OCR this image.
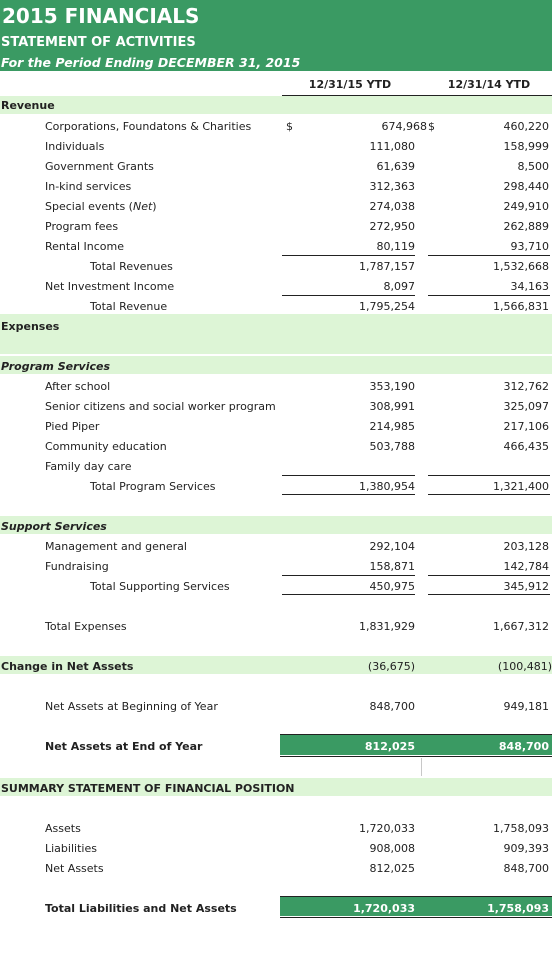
2015 FINANCIALS
STATEMENT OF ACTIVITIES
For the Period Ending DECEMBER 31, 2015
12/31/15 YTD	12/31/14 YTD
Revenue
Corporations, Foundatons & Charities	$	674,968 $	460,220
Individuals	111,080	158,999
Government Grants	61,639	8,500
In-kind services	312,363	298,440
Special events (Net)	274,038	249,910
Program fees	272,950	262,889
Rental Income	80,119	93,710
Total Revenues	1,787,157	1,532,668
Net Investment Income	8,097	34,163
Total Revenue	1,795,254	1,566,831
Expenses
Program Services
After school	353,190	312,762
Senior citizens and social worker program	308,991	325,097
Pied Piper	214,985	217,106
Community education	503,788	466,435
Family day care
Total Program Services	1,380,954	1,321,400
Support Services
Management and general	292,104	203,128
Fundraising	158,871	142,784
Total Supporting Services	450,975	345,912
Total Expenses	1,831,929	1,667,312
Change in Net Assets	(36,675)	(100,481)
Net Assets at Beginning of Year	848,700	949,181
Net Assets at End of Year	812,025	848,700
SUMMARY STATEMENT OF FINANCIAL POSITION
Assets	1,720,033	1,758,093
Liabilities	908,008	909,393
Net Assets	812,025	848,700
Total Liabilities and Net Assets	1,720,033	1,758,093
